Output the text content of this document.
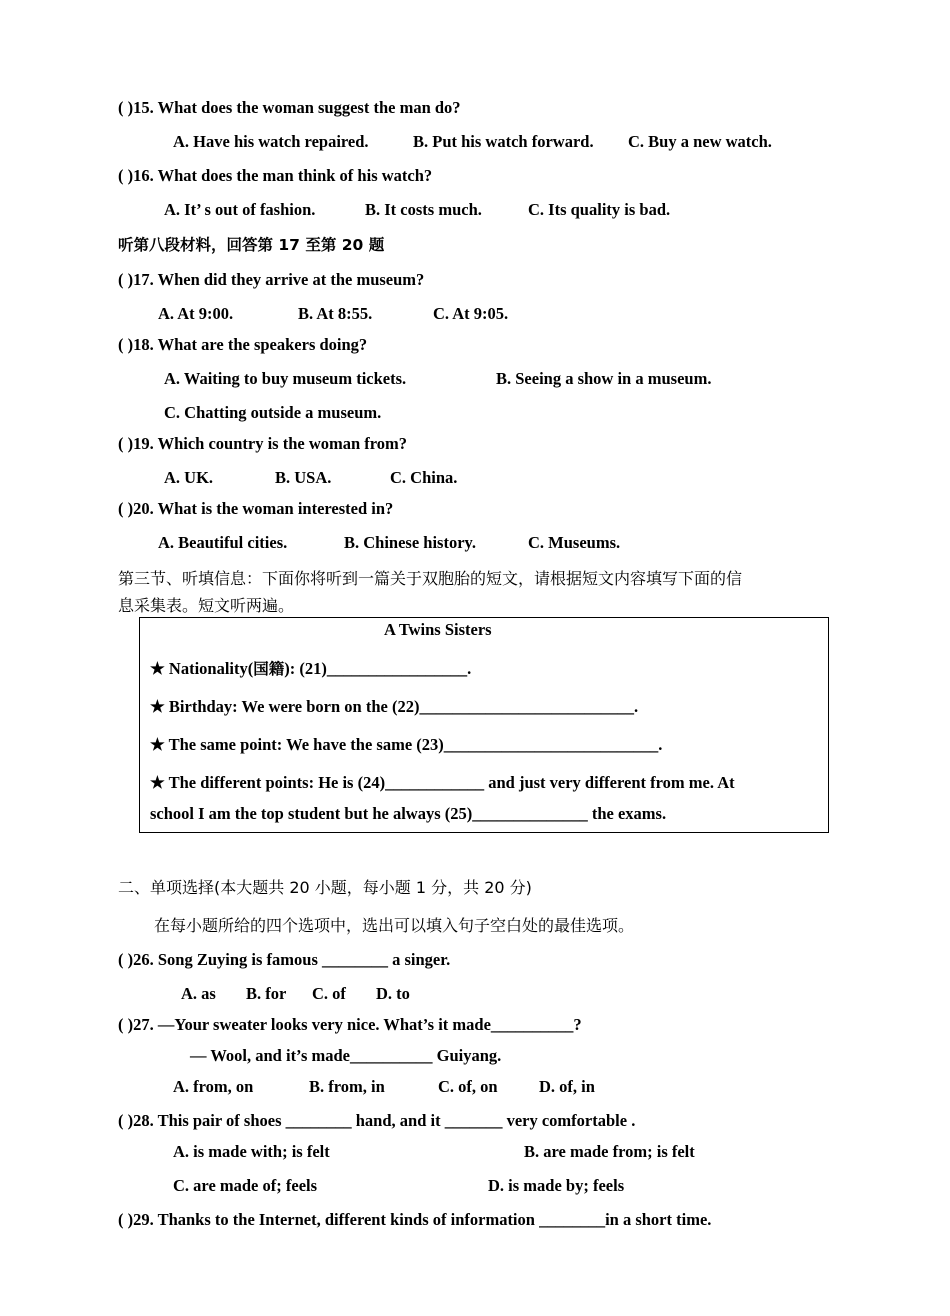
( )15. What does the woman suggest the man do?
A. Have his watch repaired.	B. Put his watch forward. C. Buy a new watch.
( )16. What does the man think of his watch?
A. It’ s out of fashion.	B. It costs much.	C. Its quality is bad.
听第八段材料，回答第 17 至第 20 题
( )17. When did they arrive at the museum?
A. At 9:00.	B. At 8:55.	C. At 9:05.
( )18. What are the speakers doing?
A. Waiting to buy museum tickets.	B. Seeing a show in a museum.
C. Chatting outside a museum.
( )19. Which country is the woman from?
A. UK.	B. USA.	C. China.
( )20. What is the woman interested in?
A. Beautiful cities.	B. Chinese history.	C. Museums.
第三节、听填信息：下面你将听到一篇关于双胞胎的短文，请根据短文内容填写下面的信
息采集表。短文听两遍。
A Twins Sisters
★ Nationality(国籍): (21)_________________.
★ Birthday: We were born on the (22)__________________________.
★ The same point: We have the same (23)__________________________.
★ The different points: He is (24)____________ and just very different from me. At
school I am the top student but he always (25)______________ the exams.
二、单项选择(本大题共 20 小题，每小题 1 分，共 20 分)
在每小题所给的四个选项中，选出可以填入句子空白处的最佳选项。
( )26. Song Zuying is famous ________ a singer.
A. as B. for C. of D. to
( )27. —Your sweater looks very nice. What’s it made__________?
— Wool, and it’s made__________ Guiyang.
A. from, on	B. from, in	C. of, on	D. of, in
( )28. This pair of shoes ________ hand, and it _______ very comfortable .
A. is made with; is felt	B. are made from; is felt
C. are made of; feels	D. is made by; feels
( )29. Thanks to the Internet, different kinds of information ________in a short time.
